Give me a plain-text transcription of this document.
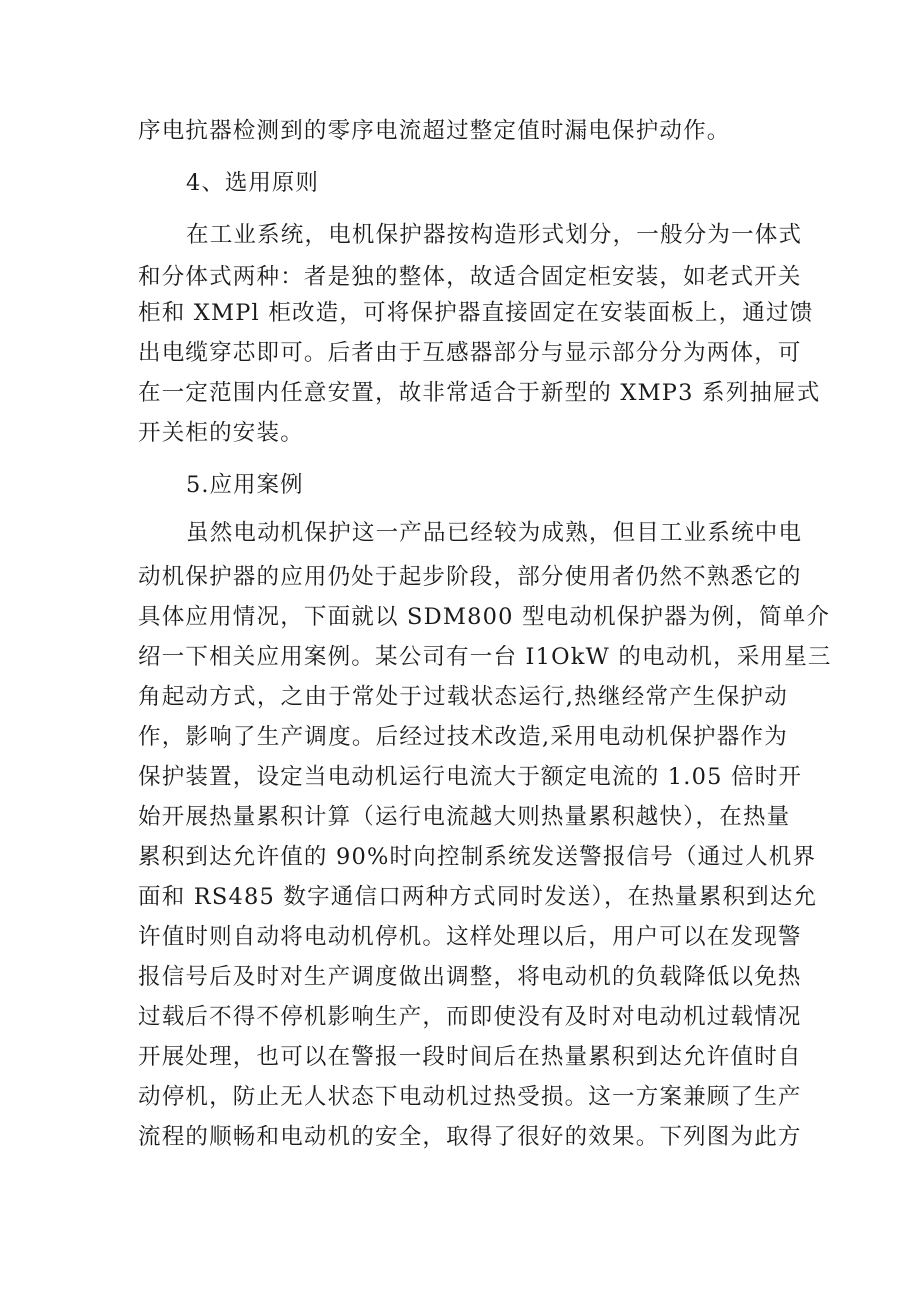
序电抗器检测到的零序电流超过整定值时漏电保护动作。
4、选用原则
在工业系统，电机保护器按构造形式划分，一般分为一体式
和分体式两种：者是独的整体，故适合固定柜安装，如老式开关
柜和 XMPl 柜改造，可将保护器直接固定在安装面板上，通过馈
出电缆穿芯即可。后者由于互感器部分与显示部分分为两体，可
在一定范围内任意安置，故非常适合于新型的 XMP3 系列抽屉式
开关柜的安装。
5.应用案例
虽然电动机保护这一产品已经较为成熟，但目工业系统中电
动机保护器的应用仍处于起步阶段，部分使用者仍然不熟悉它的
具体应用情况，下面就以 SDM800 型电动机保护器为例，简单介
绍一下相关应用案例。某公司有一台 I1OkW 的电动机，采用星三
角起动方式，之由于常处于过载状态运行,热继经常产生保护动
作，影响了生产调度。后经过技术改造,采用电动机保护器作为
保护装置，设定当电动机运行电流大于额定电流的 1.05 倍时开
始开展热量累积计算（运行电流越大则热量累积越快），在热量
累积到达允许值的 90%时向控制系统发送警报信号（通过人机界
面和 RS485 数字通信口两种方式同时发送），在热量累积到达允
许值时则自动将电动机停机。这样处理以后，用户可以在发现警
报信号后及时对生产调度做出调整，将电动机的负载降低以免热
过载后不得不停机影响生产，而即使没有及时对电动机过载情况
开展处理，也可以在警报一段时间后在热量累积到达允许值时自
动停机，防止无人状态下电动机过热受损。这一方案兼顾了生产
流程的顺畅和电动机的安全，取得了很好的效果。下列图为此方
